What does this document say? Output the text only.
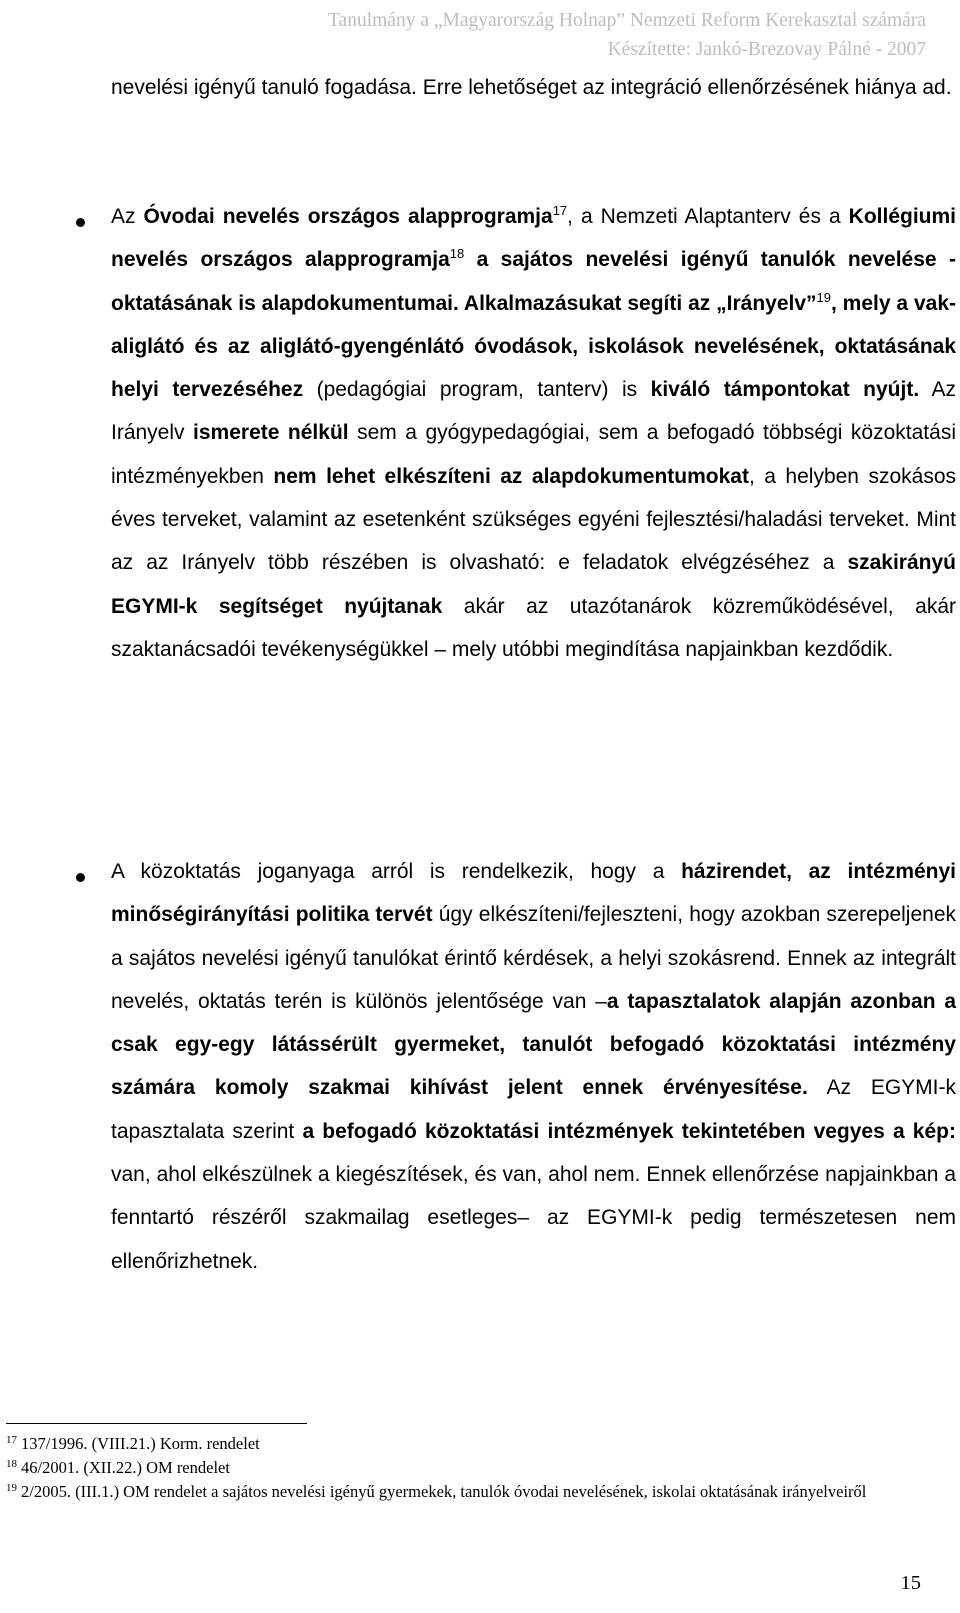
Tanulmány a „Magyarország Holnap” Nemzeti Reform Kerekasztal számára
Készítette: Jankó-Brezovay Pálné - 2007

nevelési igényű tanuló fogadása. Erre lehetőséget az integráció ellenőrzésének hiánya ad.

Az Óvodai nevelés országos alapprogramja$^{17}$, a Nemzeti Alaptanterv és a Kollégiumi nevelés országos alapprogramja$^{18}$ a sajátos nevelési igényű tanulók nevelése - oktatásának is alapdokumentumai. Alkalmazásukat segíti az „Irányelv”$^{19}$, mely a vak-aliglátó és az aliglátó-gyengénlátó óvodások, iskolások nevelésének, oktatásának helyi tervezéséhez (pedagógiai program, tanterv) is kiváló támpontokat nyújt. Az Irányelv ismerete nélkül sem a gyógypedagógiai, sem a befogadó többségi közoktatási intézményekben nem lehet elkészíteni az alapdokumentumokat, a helyben szokásos éves terveket, valamint az esetenként szükséges egyéni fejlesztési/haladási terveket. Mint az az Irányelv több részében is olvasható: e feladatok elvégzéséhez a szakirányú EGYMI-k segítséget nyújtanak akár az utazótanárok közreműködésével, akár szaktanácsadói tevékenységükkel – mely utóbbi megindítása napjainkban kezdődik.

A közoktatás joganyaga arról is rendelkezik, hogy a házirendet, az intézményi minőségirányítási politika tervét úgy elkészíteni/fejleszteni, hogy azokban szerepeljenek a sajátos nevelési igényű tanulókat érintő kérdések, a helyi szokásrend. Ennek az integrált nevelés, oktatás terén is különös jelentősége van –a tapasztalatok alapján azonban a csak egy-egy látássérült gyermeket, tanulót befogadó közoktatási intézmény számára komoly szakmai kihívást jelent ennek érvényesítése. Az EGYMI-k tapasztalata szerint a befogadó közoktatási intézmények tekintetében vegyes a kép: van, ahol elkészülnek a kiegészítések, és van, ahol nem. Ennek ellenőrzése napjainkban a fenntartó részéről szakmailag esetleges– az EGYMI-k pedig természetesen nem ellenőrizhetnek.

$^{17}$ 137/1996. (VIII.21.) Korm. rendelet

$^{18}$ 46/2001. (XII.22.) OM rendelet

$^{19}$ 2/2005. (III.1.) OM rendelet a sajátos nevelési igényű gyermekek, tanulók óvodai nevelésének, iskolai oktatásának irányelveiről

15
